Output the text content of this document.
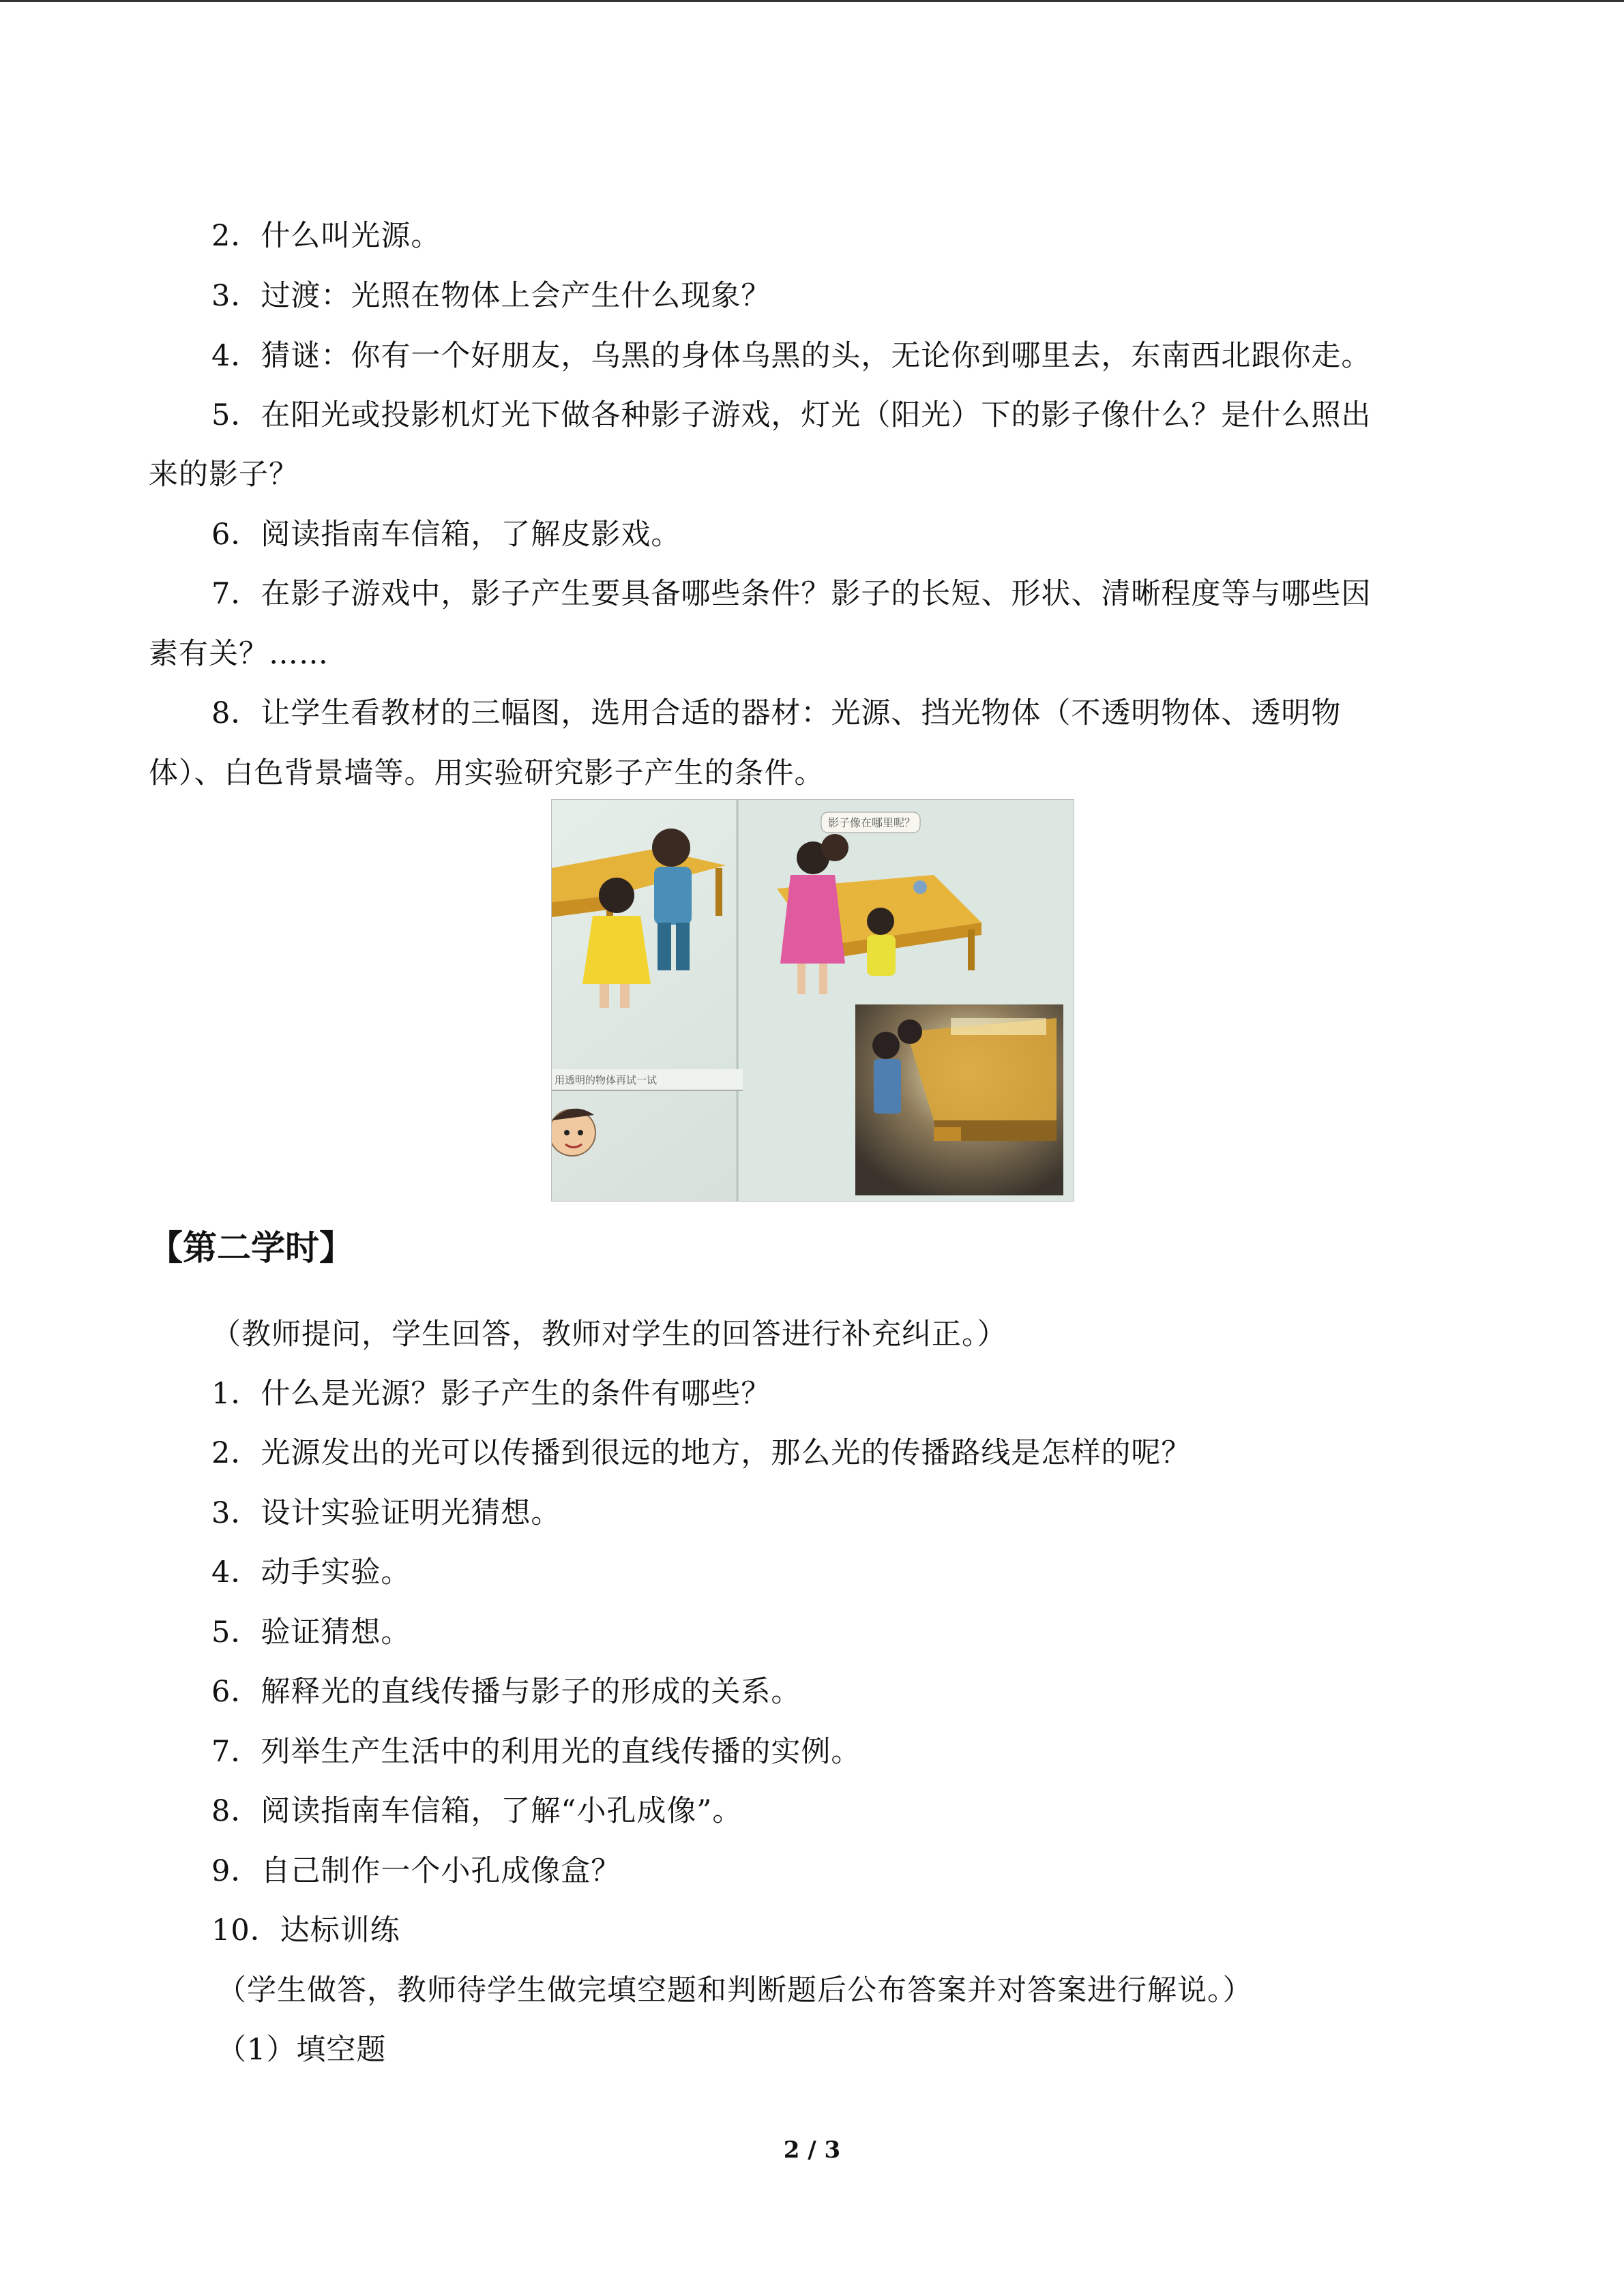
2．什么叫光源。
3．过渡：光照在物体上会产生什么现象？
4．猜谜：你有一个好朋友，乌黑的身体乌黑的头，无论你到哪里去，东南西北跟你走。
5．在阳光或投影机灯光下做各种影子游戏，灯光（阳光）下的影子像什么？是什么照出
来的影子？
6．阅读指南车信箱，了解皮影戏。
7．在影子游戏中，影子产生要具备哪些条件？影子的长短、形状、清晰程度等与哪些因
素有关？……
8．让学生看教材的三幅图，选用合适的器材：光源、挡光物体（不透明物体、透明物
体）、白色背景墙等。用实验研究影子产生的条件。
影子像在哪里呢？
用透明的物体再试一试
【第二学时】
（教师提问，学生回答，教师对学生的回答进行补充纠正。）
1．什么是光源？影子产生的条件有哪些？
2．光源发出的光可以传播到很远的地方，那么光的传播路线是怎样的呢？
3．设计实验证明光猜想。
4．动手实验。
5．验证猜想。
6．解释光的直线传播与影子的形成的关系。
7．列举生产生活中的利用光的直线传播的实例。
8．阅读指南车信箱，了解“小孔成像”。
9．自己制作一个小孔成像盒？
10．达标训练
（学生做答，教师待学生做完填空题和判断题后公布答案并对答案进行解说。）
（1）填空题
2 / 3
